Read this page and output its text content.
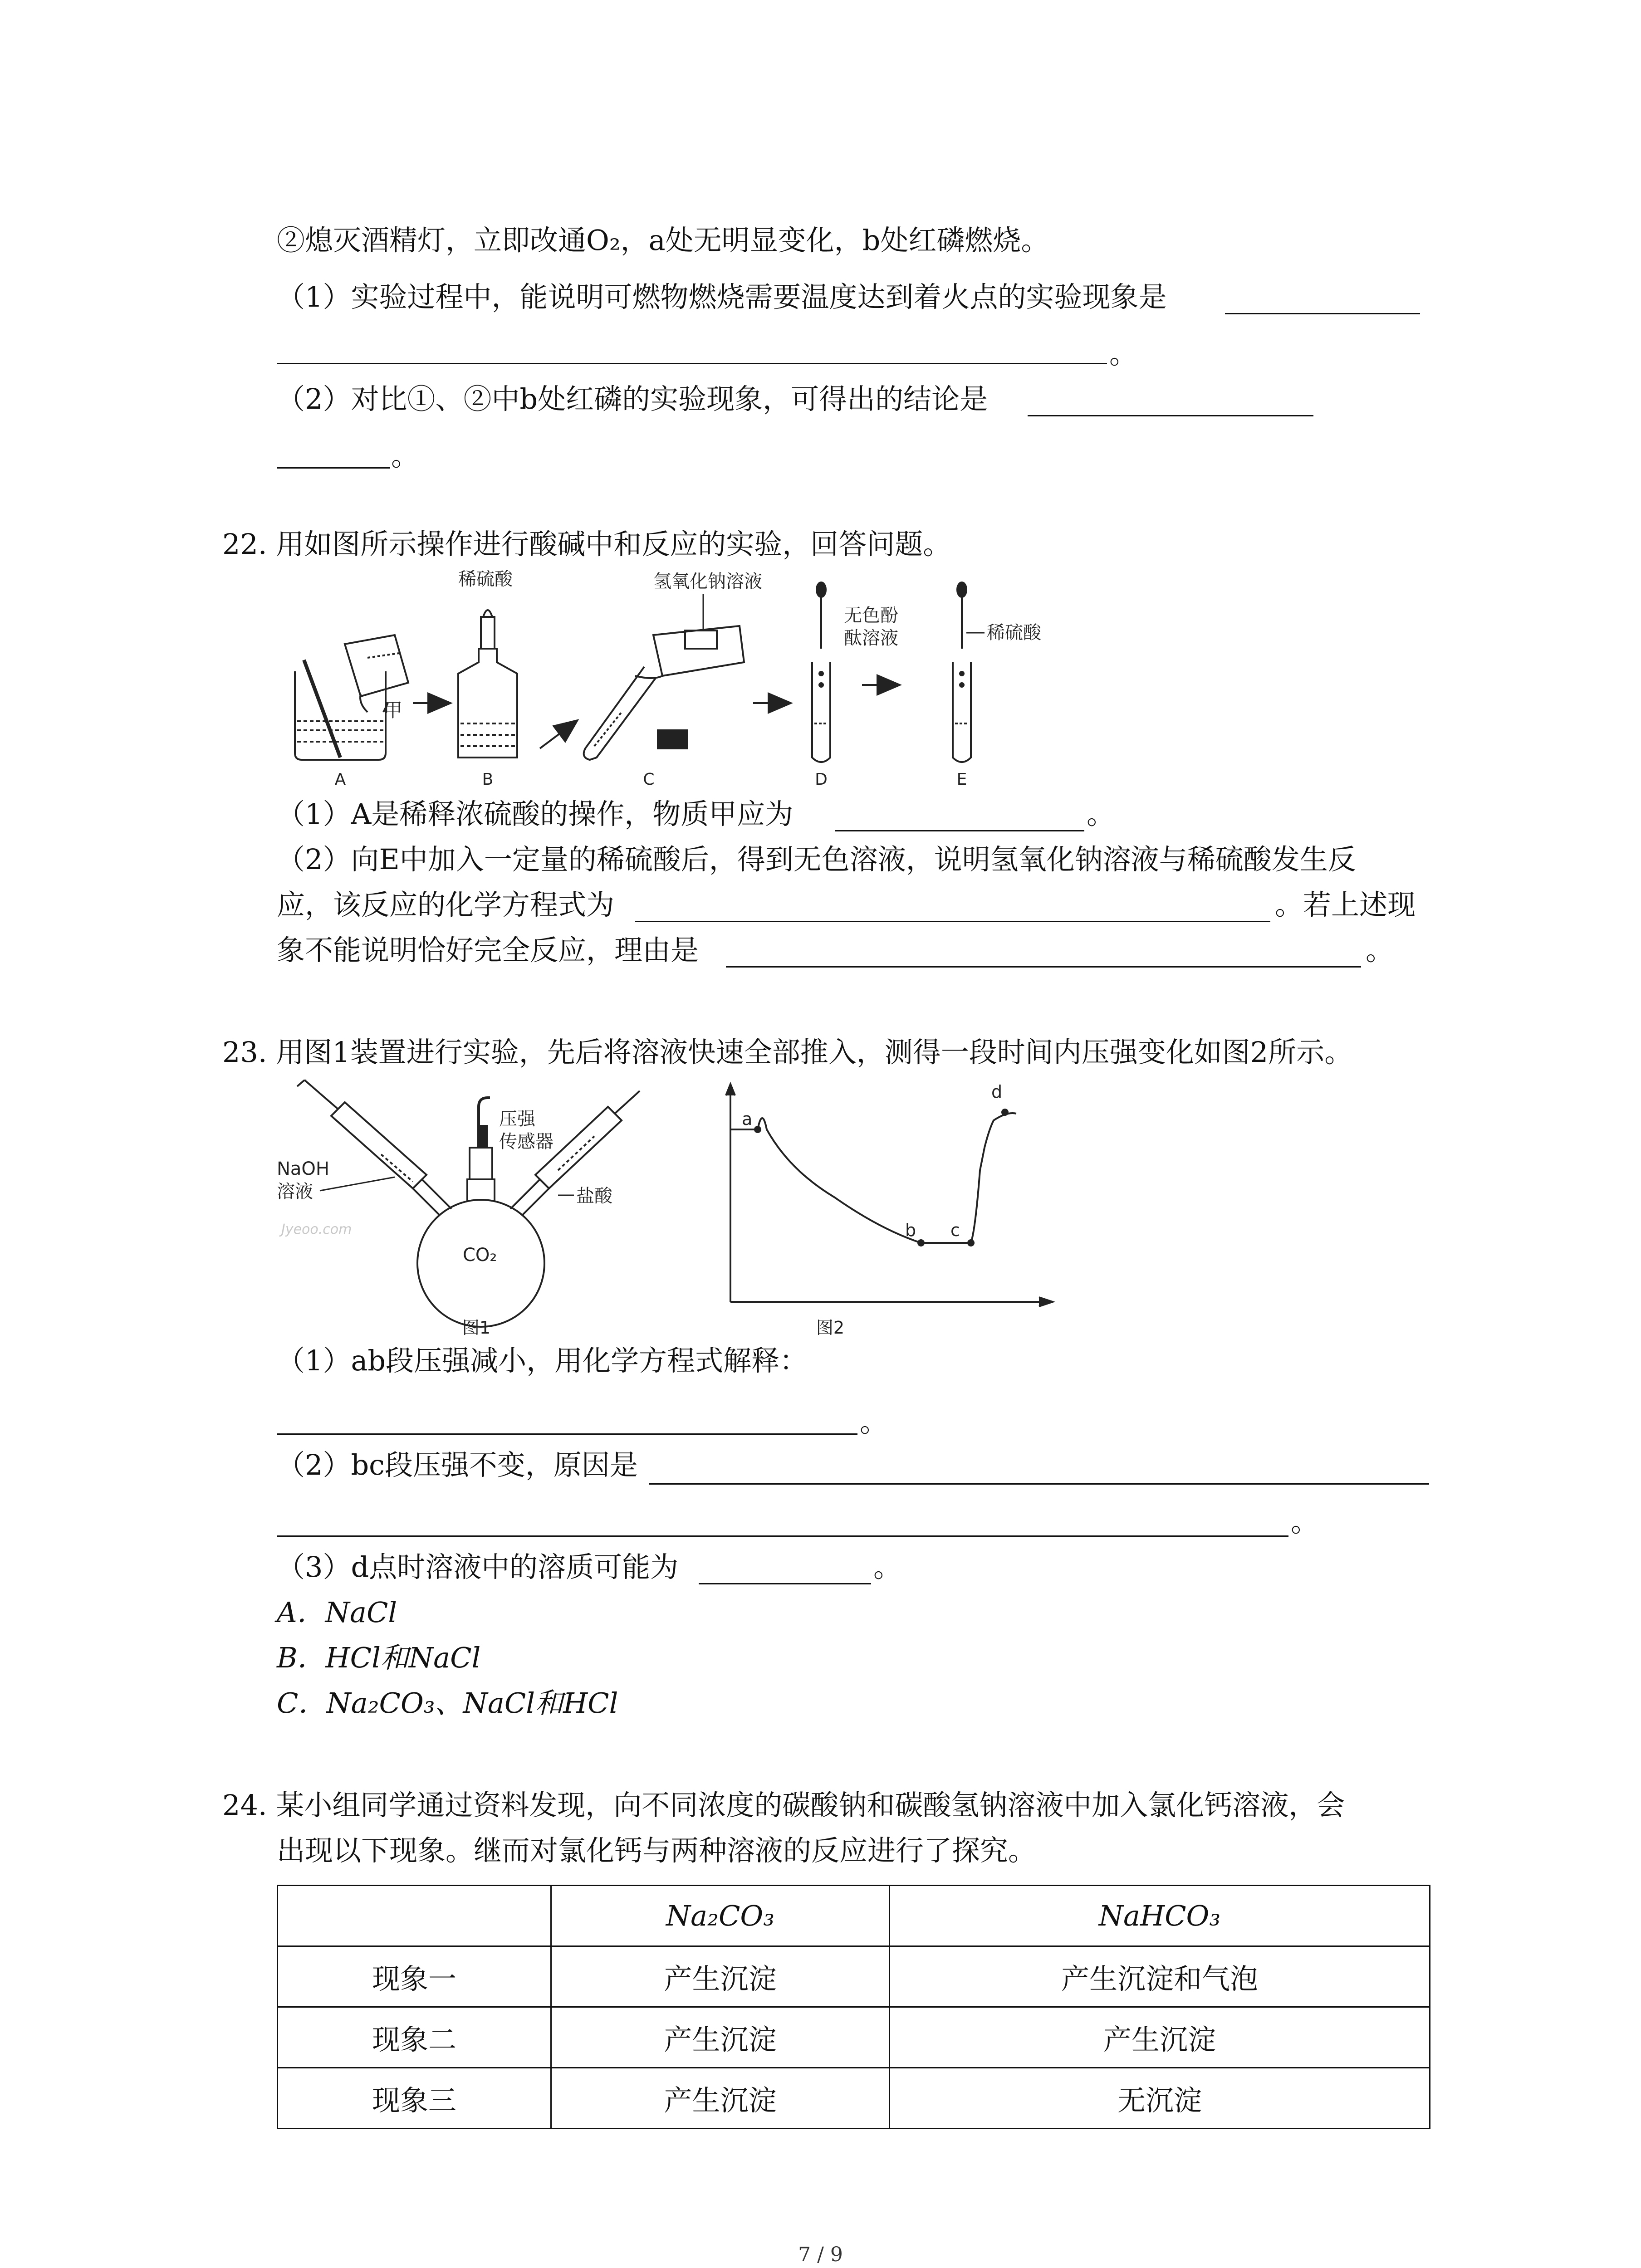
②熄灭酒精灯，立即改通O₂，a处无明显变化，b处红磷燃烧。
（1）实验过程中，能说明可燃物燃烧需要温度达到着火点的实验现象是
。
（2）对比①、②中b处红磷的实验现象，可得出的结论是
。
22. 用如图所示操作进行酸碱中和反应的实验，回答问题。
甲
稀硫酸	氢氧化钠溶液
无色酚
酞溶液	稀硫酸
A	B	C	D	E
（1）A是稀释浓硫酸的操作，物质甲应为	。
（2）向E中加入一定量的稀硫酸后，得到无色溶液，说明氢氧化钠溶液与稀硫酸发生反
应，该反应的化学方程式为	。若上述现
象不能说明恰好完全反应，理由是	。
23. 用图1装置进行实验，先后将溶液快速全部推入，测得一段时间内压强变化如图2所示。
NaOH
溶液
压强
传感器
盐酸
CO₂
Jyeoo.com
图1
a
b c
d
图2
（1）ab段压强减小，用化学方程式解释：
。
（2）bc段压强不变，原因是
。
（3）d点时溶液中的溶质可能为	。
A．NaCl
B．HCl和NaCl
C．Na₂CO₃、NaCl和HCl
24. 某小组同学通过资料发现，向不同浓度的碳酸钠和碳酸氢钠溶液中加入氯化钙溶液，会
出现以下现象。继而对氯化钙与两种溶液的反应进行了探究。
	Na₂CO₃	NaHCO₃
现象一	产生沉淀	产生沉淀和气泡
现象二	产生沉淀	产生沉淀
现象三	产生沉淀	无沉淀
7 / 9
